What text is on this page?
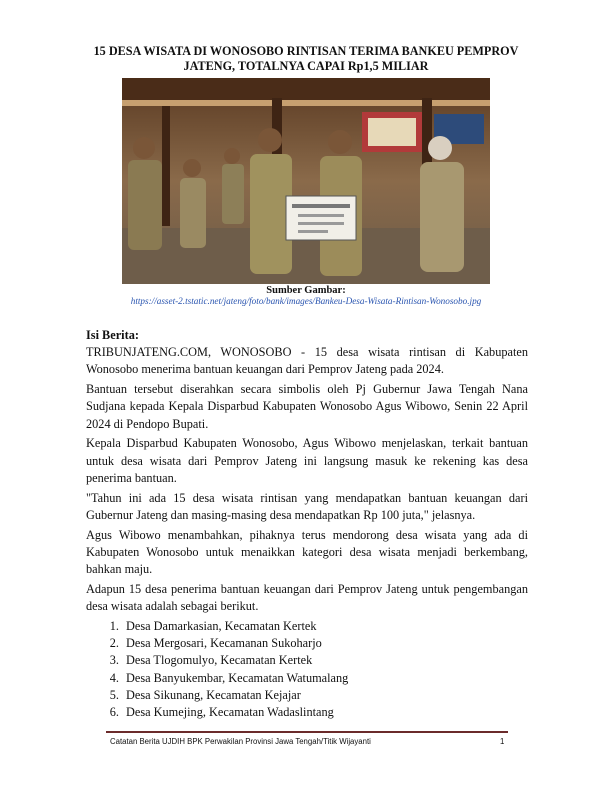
15 DESA WISATA DI WONOSOBO RINTISAN TERIMA BANKEU PEMPROV JATENG, TOTALNYA CAPAI Rp1,5 MILIAR
Sumber Gambar:
https://asset-2.tstatic.net/jateng/foto/bank/images/Bankeu-Desa-Wisata-Rintisan-Wonosobo.jpg
Isi Berita:

TRIBUNJATENG.COM, WONOSOBO - 15 desa wisata rintisan di Kabupaten Wonosobo menerima bantuan keuangan dari Pemprov Jateng pada 2024.

Bantuan tersebut diserahkan secara simbolis oleh Pj Gubernur Jawa Tengah Nana Sudjana kepada Kepala Disparbud Kabupaten Wonosobo Agus Wibowo, Senin 22 April 2024 di Pendopo Bupati.

Kepala Disparbud Kabupaten Wonosobo, Agus Wibowo menjelaskan, terkait bantuan untuk desa wisata dari Pemprov Jateng ini langsung masuk ke rekening kas desa penerima bantuan.

"Tahun ini ada 15 desa wisata rintisan yang mendapatkan bantuan keuangan dari Gubernur Jateng dan masing-masing desa mendapatkan Rp 100 juta," jelasnya.

Agus Wibowo menambahkan, pihaknya terus mendorong desa wisata yang ada di Kabupaten Wonosobo untuk menaikkan kategori desa wisata menjadi berkembang, bahkan maju.

Adapun 15 desa penerima bantuan keuangan dari Pemprov Jateng untuk pengembangan desa wisata adalah sebagai berikut.

1. Desa Damarkasian, Kecamatan Kertek
2. Desa Mergosari, Kecamanan Sukoharjo
3. Desa Tlogomulyo, Kecamatan Kertek
4. Desa Banyukembar, Kecamatan Watumalang
5. Desa Sikunang, Kecamatan Kejajar
6. Desa Kumejing, Kecamatan Wadaslintang
Catatan Berita UJDIH BPK Perwakilan Provinsi Jawa Tengah/Titik Wijayanti	1
